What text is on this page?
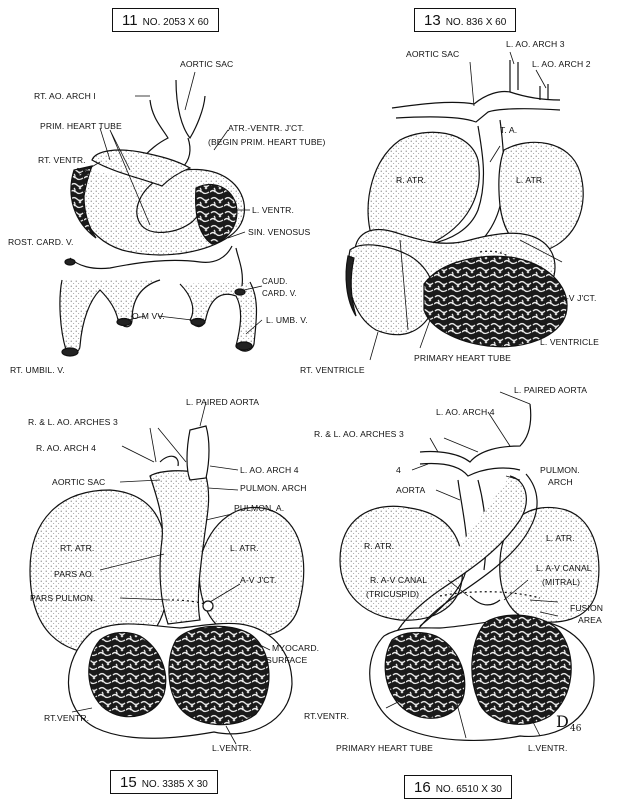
11 NO. 2053 X 60	13 NO. 836 X 60
15 NO. 3385 X 30	16 NO. 6510 X 30
AORTIC SAC
RT. AO. ARCH I
PRIM. HEART TUBE	ATR.-VENTR. J'CT.
(BEGIN PRIM. HEART TUBE)
RT. VENTR.
L. VENTR.
SIN. VENOSUS
ROST. CARD. V.
CAUD.
CARD. V.
L. UMB. V.
O-M VV.
RT. UMBIL. V.
AORTIC SAC
L. AO. ARCH 3
L. AO. ARCH 2
T. A.
R. ATR.	L. ATR.
A-V J'CT.
L. VENTRICLE
PRIMARY HEART TUBE
RT. VENTRICLE
L. PAIRED AORTA
R. & L. AO. ARCHES 3
R. AO. ARCH 4
L. AO. ARCH 4
AORTIC SAC
PULMON. ARCH
PULMON. A.
RT. ATR.	L. ATR.
PARS AO.
A-V J'CT.
PARS PULMON.
MYOCARD.
SURFACE
RT.VENTR.
L.VENTR.
L. PAIRED AORTA
L. AO. ARCH 4
R. & L. AO. ARCHES 3
4	PULMON.
ARCH
AORTA
R. ATR.
L. ATR.
R. A-V CANAL
(TRICUSPID)
L. A-V CANAL
(MITRAL)
FUSION
AREA
RT.VENTR.
PRIMARY HEART TUBE	L.VENTR.
D 46
